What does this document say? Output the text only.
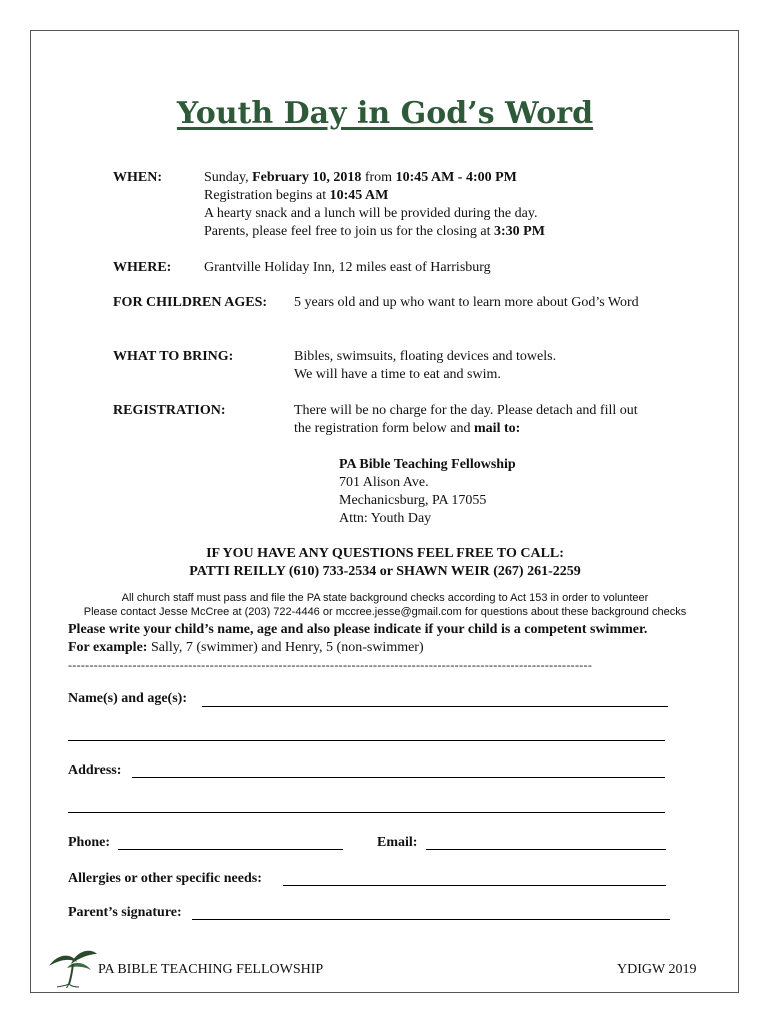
Youth Day in God’s Word
WHEN:	Sunday, February 10, 2018 from 10:45 AM - 4:00 PM
Registration begins at 10:45 AM
A hearty snack and a lunch will be provided during the day.
Parents, please feel free to join us for the closing at 3:30 PM
WHERE: Grantville Holiday Inn, 12 miles east of Harrisburg
FOR CHILDREN AGES: 5 years old and up who want to learn more about God’s Word
WHAT TO BRING:	Bibles, swimsuits, floating devices and towels.
We will have a time to eat and swim.
REGISTRATION:	There will be no charge for the day. Please detach and fill out
the registration form below and mail to:
PA Bible Teaching Fellowship
701 Alison Ave.
Mechanicsburg, PA 17055
Attn: Youth Day
IF YOU HAVE ANY QUESTIONS FEEL FREE TO CALL:
PATTI REILLY (610) 733-2534 or SHAWN WEIR (267) 261-2259
All church staff must pass and file the PA state background checks according to Act 153 in order to volunteer
Please contact Jesse McCree at (203) 722-4446 or mccree.jesse@gmail.com for questions about these background checks
Please write your child’s name, age and also please indicate if your child is a competent swimmer.
For example: Sally, 7 (swimmer) and Henry, 5 (non-swimmer)
--------------------------------------------------------------------------------------------------------------------------
Name(s) and age(s):
Address:
Phone:	Email:
Allergies or other specific needs:
Parent’s signature:
PA BIBLE TEACHING FELLOWSHIP	YDIGW 2019
